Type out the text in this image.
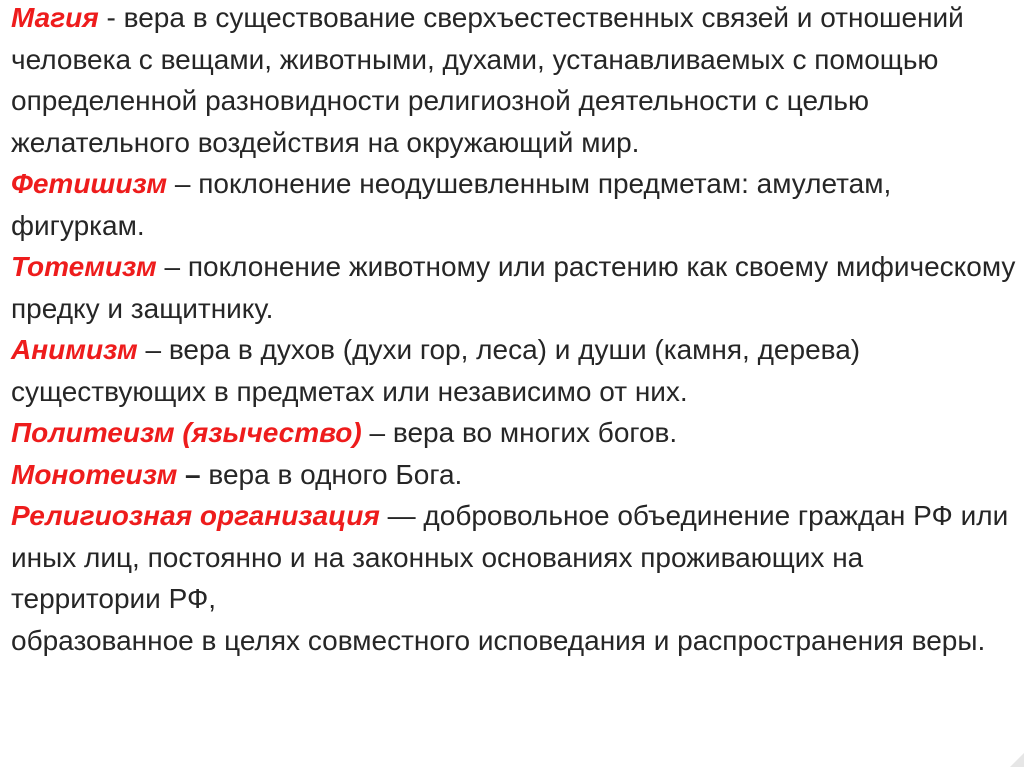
Магия - вера в существование сверхъестественных связей и отношений человека с вещами, животными, духами, устанавливаемых с помощью определенной разновидности религиозной деятельности с целью желательного воздействия на окружающий мир.

Фетишизм – поклонение неодушевленным предметам: амулетам, фигуркам.

Тотемизм – поклонение животному или растению как своему мифическому предку и защитнику.

Анимизм – вера в духов (духи гор, леса) и души (камня, дерева) существующих в предметах или независимо от них.

Политеизм (язычество) – вера во многих богов.

Монотеизм – вера в одного Бога.

Религиозная организация — добровольное объединение граждан РФ или иных лиц, постоянно и на законных основаниях проживающих на территории РФ,

образованное в целях совместного исповедания и распространения веры.
